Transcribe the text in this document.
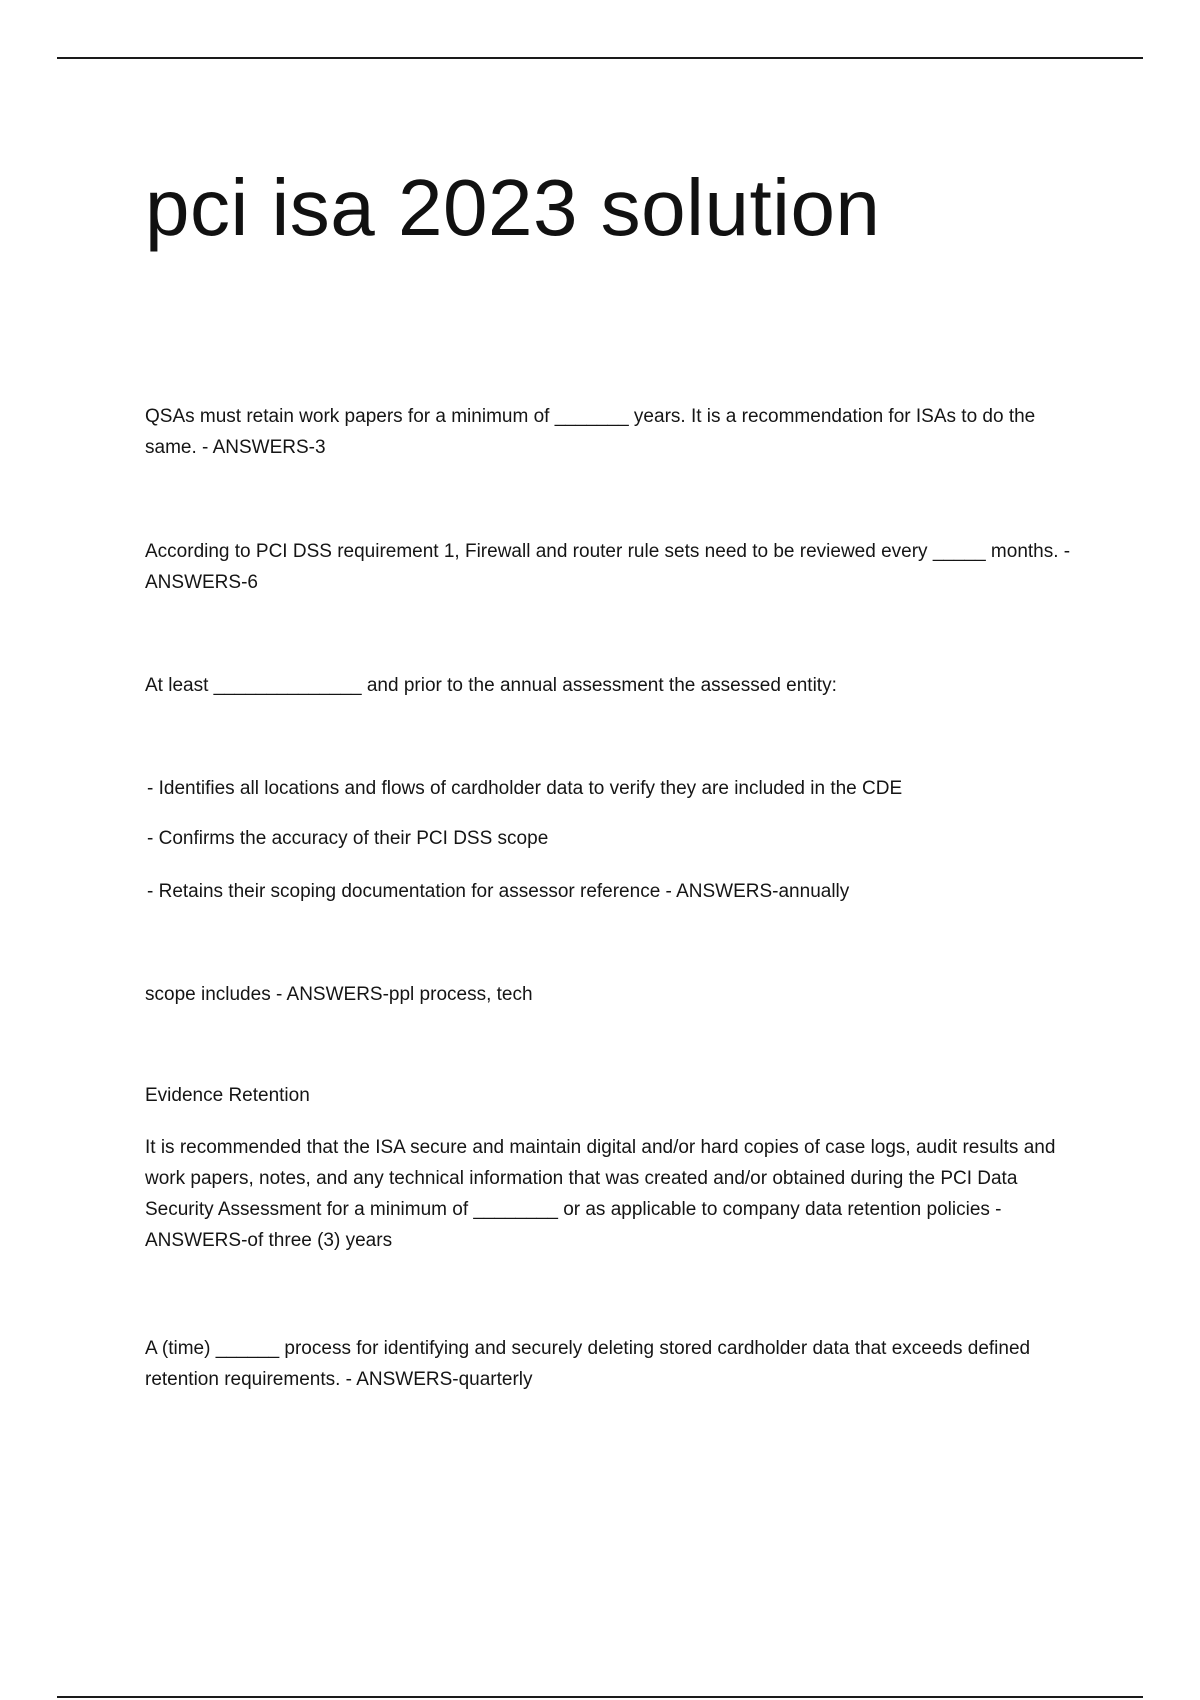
pci isa 2023 solution

QSAs must retain work papers for a minimum of _______ years. It is a recommendation for ISAs to do the same. - ANSWERS-3

According to PCI DSS requirement 1, Firewall and router rule sets need to be reviewed every _____ months. - ANSWERS-6

At least ______________ and prior to the annual assessment the assessed entity:

- Identifies all locations and flows of cardholder data to verify they are included in the CDE

- Confirms the accuracy of their PCI DSS scope

- Retains their scoping documentation for assessor reference - ANSWERS-annually

scope includes - ANSWERS-ppl process, tech

Evidence Retention

It is recommended that the ISA secure and maintain digital and/or hard copies of case logs, audit results and work papers, notes, and any technical information that was created and/or obtained during the PCI Data Security Assessment for a minimum of ________ or as applicable to company data retention policies - ANSWERS-of three (3) years

A (time) ______ process for identifying and securely deleting stored cardholder data that exceeds defined retention requirements. - ANSWERS-quarterly
